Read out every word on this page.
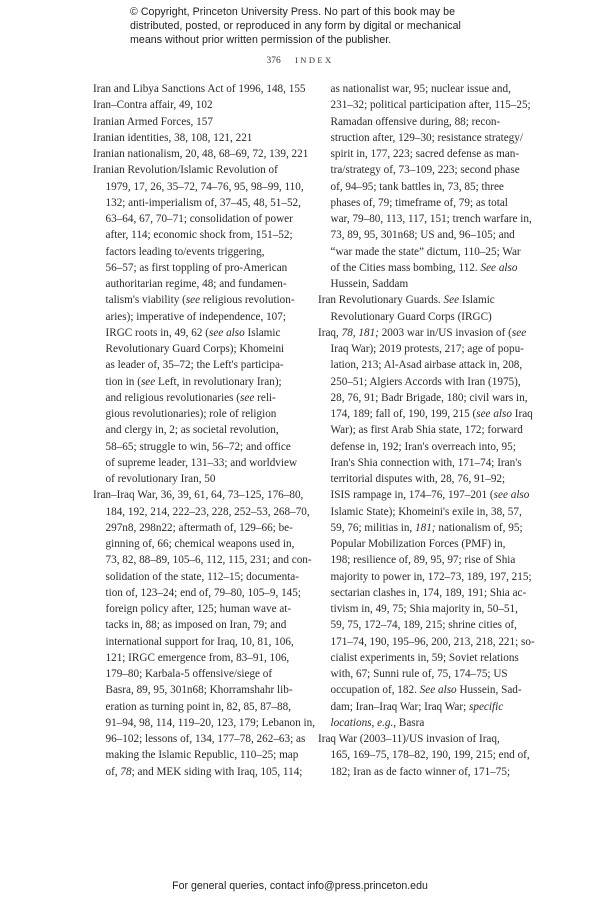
© Copyright, Princeton University Press. No part of this book may be
distributed, posted, or reproduced in any form by digital or mechanical
means without prior written permission of the publisher.
376 INDEX
Iran and Libya Sanctions Act of 1996, 148, 155
Iran–Contra affair, 49, 102
Iranian Armed Forces, 157
Iranian identities, 38, 108, 121, 221
Iranian nationalism, 20, 48, 68–69, 72, 139, 221
Iranian Revolution/Islamic Revolution of
1979, 17, 26, 35–72, 74–76, 95, 98–99, 110,
132; anti-imperialism of, 37–45, 48, 51–52,
63–64, 67, 70–71; consolidation of power
after, 114; economic shock from, 151–52;
factors leading to/events triggering,
56–57; as first toppling of pro-American
authoritarian regime, 48; and fundamen-
talism's viability (see religious revolution-
aries); imperative of independence, 107;
IRGC roots in, 49, 62 (see also Islamic
Revolutionary Guard Corps); Khomeini
as leader of, 35–72; the Left's participa-
tion in (see Left, in revolutionary Iran);
and religious revolutionaries (see reli-
gious revolutionaries); role of religion
and clergy in, 2; as societal revolution,
58–65; struggle to win, 56–72; and office
of supreme leader, 131–33; and worldview
of revolutionary Iran, 50
Iran–Iraq War, 36, 39, 61, 64, 73–125, 176–80,
184, 192, 214, 222–23, 228, 252–53, 268–70,
297n8, 298n22; aftermath of, 129–66; be-
ginning of, 66; chemical weapons used in,
73, 82, 88–89, 105–6, 112, 115, 231; and con-
solidation of the state, 112–15; documenta-
tion of, 123–24; end of, 79–80, 105–9, 145;
foreign policy after, 125; human wave at-
tacks in, 88; as imposed on Iran, 79; and
international support for Iraq, 10, 81, 106,
121; IRGC emergence from, 83–91, 106,
179–80; Karbala-5 offensive/siege of
Basra, 89, 95, 301n68; Khorramshahr lib-
eration as turning point in, 82, 85, 87–88,
91–94, 98, 114, 119–20, 123, 179; Lebanon in,
96–102; lessons of, 134, 177–78, 262–63; as
making the Islamic Republic, 110–25; map
of, 78; and MEK siding with Iraq, 105, 114;
as nationalist war, 95; nuclear issue and,
231–32; political participation after, 115–25;
Ramadan offensive during, 88; recon-
struction after, 129–30; resistance strategy/
spirit in, 177, 223; sacred defense as man-
tra/strategy of, 73–109, 223; second phase
of, 94–95; tank battles in, 73, 85; three
phases of, 79; timeframe of, 79; as total
war, 79–80, 113, 117, 151; trench warfare in,
73, 89, 95, 301n68; US and, 96–105; and
“war made the state” dictum, 110–25; War
of the Cities mass bombing, 112. See also
Hussein, Saddam
Iran Revolutionary Guards. See Islamic
Revolutionary Guard Corps (IRGC)
Iraq, 78, 181; 2003 war in/US invasion of (see
Iraq War); 2019 protests, 217; age of popu-
lation, 213; Al-Asad airbase attack in, 208,
250–51; Algiers Accords with Iran (1975),
28, 76, 91; Badr Brigade, 180; civil wars in,
174, 189; fall of, 190, 199, 215 (see also Iraq
War); as first Arab Shia state, 172; forward
defense in, 192; Iran's overreach into, 95;
Iran's Shia connection with, 171–74; Iran's
territorial disputes with, 28, 76, 91–92;
ISIS rampage in, 174–76, 197–201 (see also
Islamic State); Khomeini's exile in, 38, 57,
59, 76; militias in, 181; nationalism of, 95;
Popular Mobilization Forces (PMF) in,
198; resilience of, 89, 95, 97; rise of Shia
majority to power in, 172–73, 189, 197, 215;
sectarian clashes in, 174, 189, 191; Shia ac-
tivism in, 49, 75; Shia majority in, 50–51,
59, 75, 172–74, 189, 215; shrine cities of,
171–74, 190, 195–96, 200, 213, 218, 221; so-
cialist experiments in, 59; Soviet relations
with, 67; Sunni rule of, 75, 174–75; US
occupation of, 182. See also Hussein, Sad-
dam; Iran–Iraq War; Iraq War; specific
locations, e.g., Basra
Iraq War (2003–11)/US invasion of Iraq,
165, 169–75, 178–82, 190, 199, 215; end of,
182; Iran as de facto winner of, 171–75;
For general queries, contact info@press.princeton.edu
